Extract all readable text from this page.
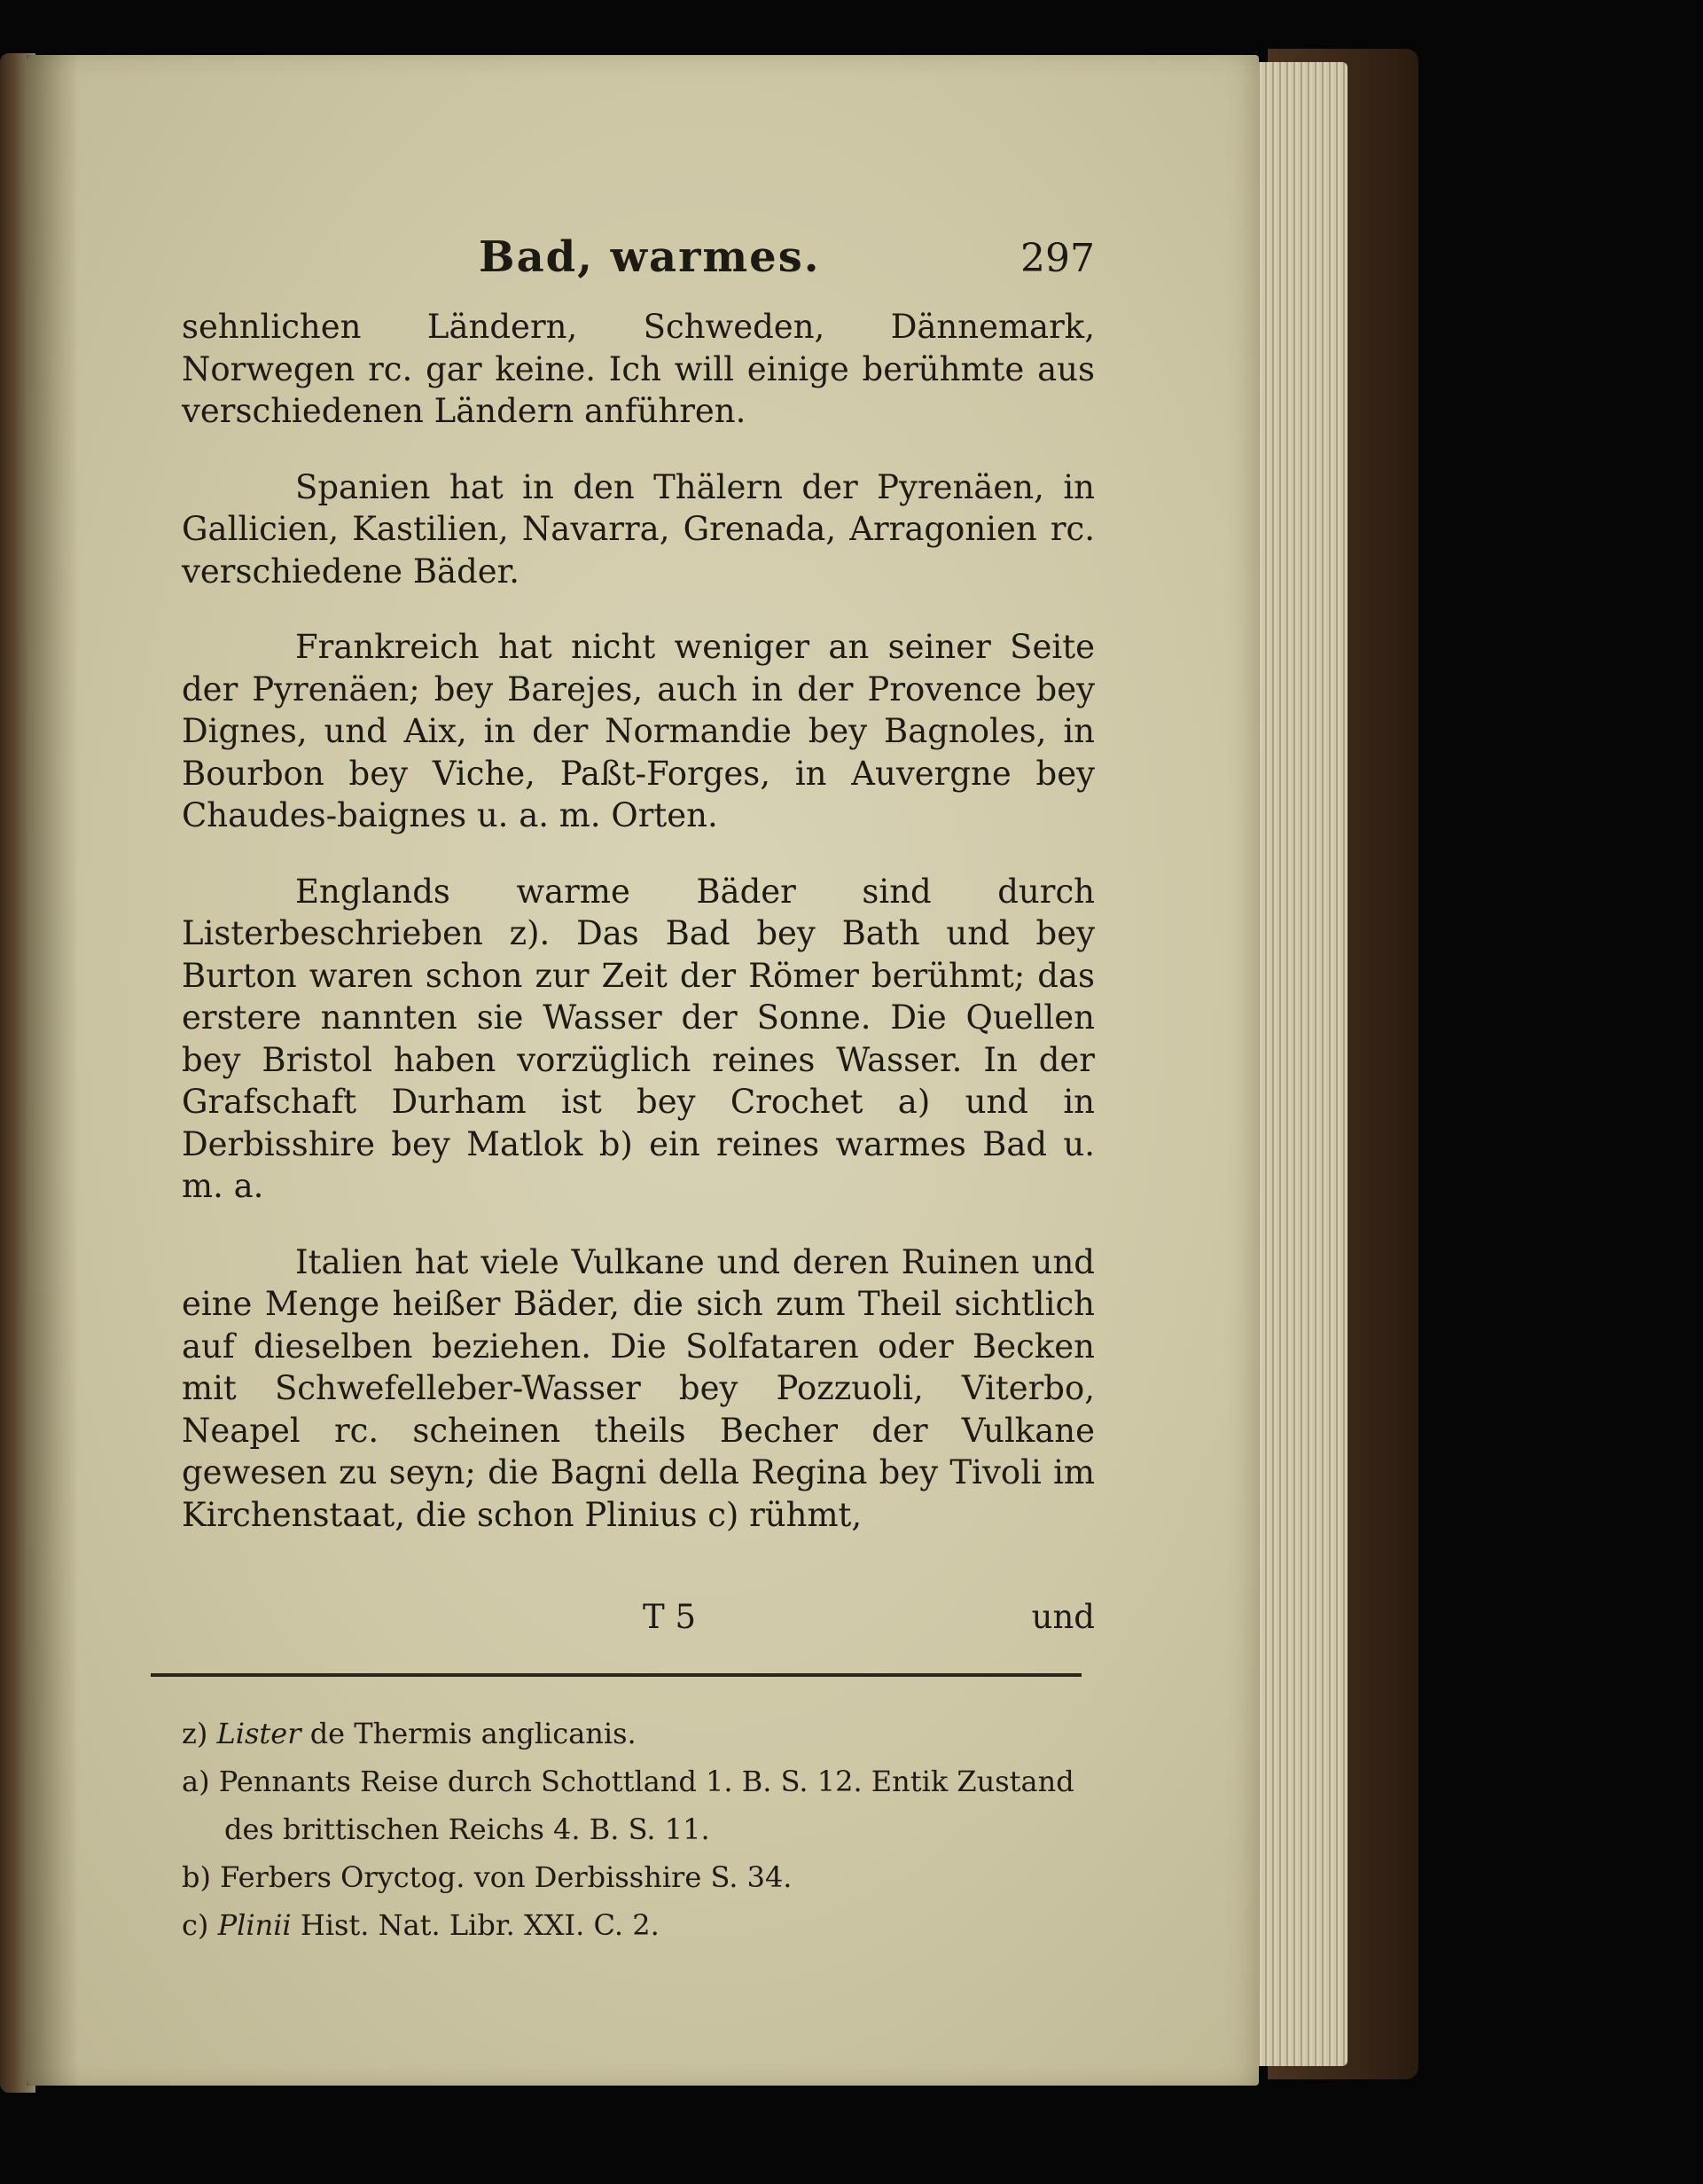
Bad, warmes.	297

sehnlichen Ländern, Schweden, Dännemark, Norwegen rc. gar keine. Ich will einige berühmte aus verschiedenen Ländern anführen.

Spanien hat in den Thälern der Pyrenäen, in Gallicien, Kastilien, Navarra, Grenada, Arragonien rc. verschiedene Bäder.

Frankreich hat nicht weniger an seiner Seite der Pyrenäen; bey Barejes, auch in der Provence bey Dignes, und Aix, in der Normandie bey Bagnoles, in Bourbon bey Viche, Paßt-Forges, in Auvergne bey Chaudes-baignes u. a. m. Orten.

Englands warme Bäder sind durch Listerbeschrieben z). Das Bad bey Bath und bey Burton waren schon zur Zeit der Römer berühmt; das erstere nannten sie Wasser der Sonne. Die Quellen bey Bristol haben vorzüglich reines Wasser. In der Grafschaft Durham ist bey Crochet a) und in Derbisshire bey Matlok b) ein reines warmes Bad u. m. a.

Italien hat viele Vulkane und deren Ruinen und eine Menge heißer Bäder, die sich zum Theil sichtlich auf dieselben beziehen. Die Solfataren oder Becken mit Schwefelleber-Wasser bey Pozzuoli, Viterbo, Neapel rc. scheinen theils Becher der Vulkane gewesen zu seyn; die Bagni della Regina bey Tivoli im Kirchenstaat, die schon Plinius c) rühmt,

T 5	und

z) Lister de Thermis anglicanis.

a) Pennants Reise durch Schottland 1. B. S. 12. Entik Zustand des brittischen Reichs 4. B. S. 11.

b) Ferbers Oryctog. von Derbisshire S. 34.

c) Plinii Hist. Nat. Libr. XXI. C. 2.
